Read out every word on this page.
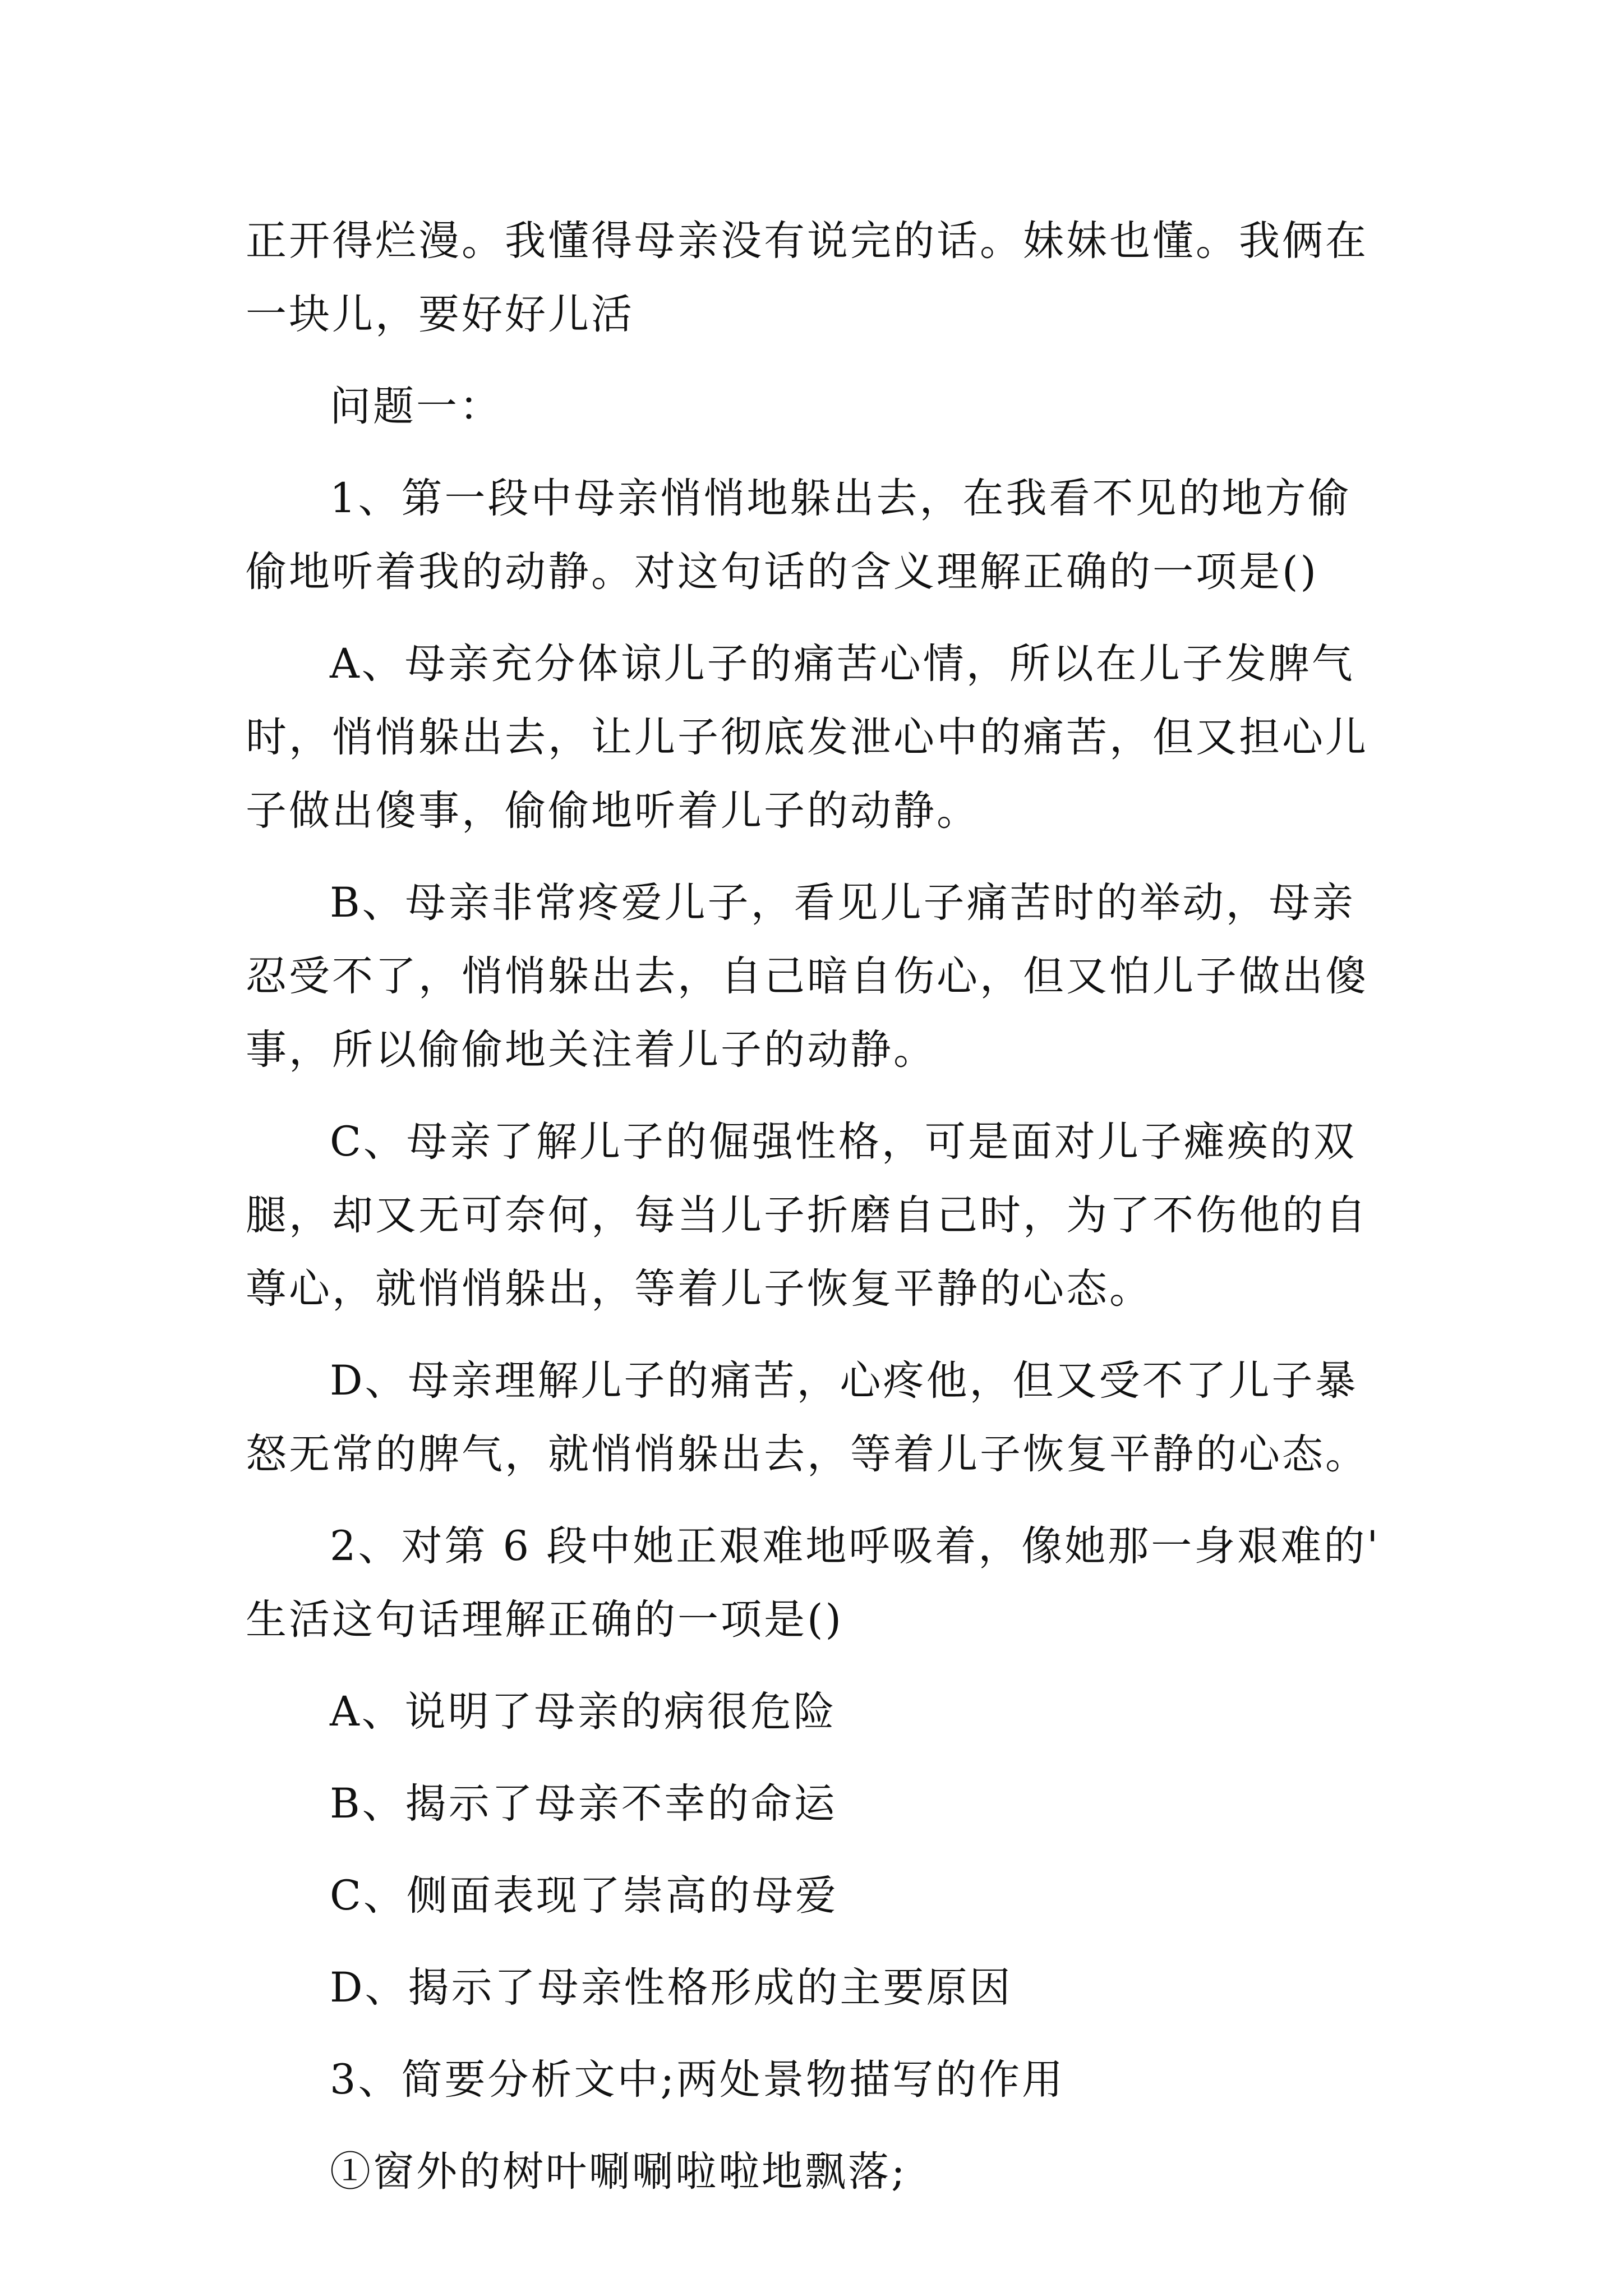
正开得烂漫。我懂得母亲没有说完的话。妹妹也懂。我俩在
一块儿，要好好儿活

问题一：

1、第一段中母亲悄悄地躲出去，在我看不见的地方偷
偷地听着我的动静。对这句话的含义理解正确的一项是()

A、母亲充分体谅儿子的痛苦心情，所以在儿子发脾气
时，悄悄躲出去，让儿子彻底发泄心中的痛苦，但又担心儿
子做出傻事，偷偷地听着儿子的动静。

B、母亲非常疼爱儿子，看见儿子痛苦时的举动，母亲
忍受不了，悄悄躲出去，自己暗自伤心，但又怕儿子做出傻
事，所以偷偷地关注着儿子的动静。

C、母亲了解儿子的倔强性格，可是面对儿子瘫痪的双
腿，却又无可奈何，每当儿子折磨自己时，为了不伤他的自
尊心，就悄悄躲出，等着儿子恢复平静的心态。

D、母亲理解儿子的痛苦，心疼他，但又受不了儿子暴
怒无常的脾气，就悄悄躲出去，等着儿子恢复平静的心态。

2、对第 6 段中她正艰难地呼吸着，像她那一身艰难的'
生活这句话理解正确的一项是()

A、说明了母亲的病很危险

B、揭示了母亲不幸的命运

C、侧面表现了崇高的母爱

D、揭示了母亲性格形成的主要原因

3、简要分析文中;两处景物描写的作用

①窗外的树叶唰唰啦啦地飘落;
